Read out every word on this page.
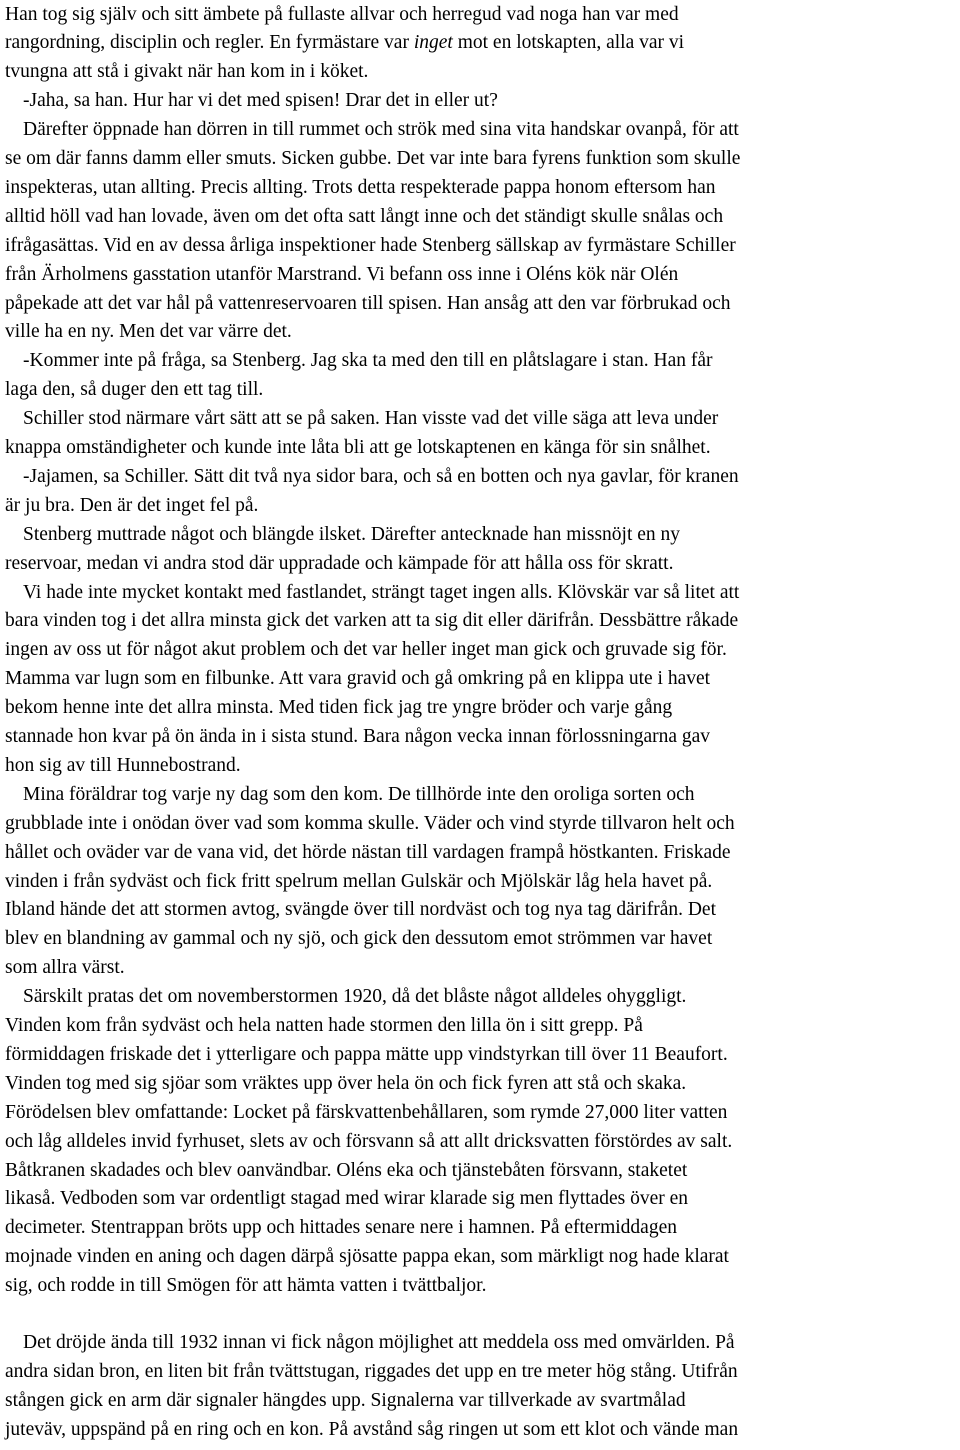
Han tog sig själv och sitt ämbete på fullaste allvar och herregud vad noga han var med
rangordning, disciplin och regler. En fyrmästare var inget mot en lotskapten, alla var vi
tvungna att stå i givakt när han kom in i köket.
-Jaha, sa han. Hur har vi det med spisen! Drar det in eller ut?
Därefter öppnade han dörren in till rummet och strök med sina vita handskar ovanpå, för att
se om där fanns damm eller smuts. Sicken gubbe. Det var inte bara fyrens funktion som skulle
inspekteras, utan allting. Precis allting. Trots detta respekterade pappa honom eftersom han
alltid höll vad han lovade, även om det ofta satt långt inne och det ständigt skulle snålas och
ifrågasättas. Vid en av dessa årliga inspektioner hade Stenberg sällskap av fyrmästare Schiller
från Ärholmens gasstation utanför Marstrand. Vi befann oss inne i Oléns kök när Olén
påpekade att det var hål på vattenreservoaren till spisen. Han ansåg att den var förbrukad och
ville ha en ny. Men det var värre det.
-Kommer inte på fråga, sa Stenberg. Jag ska ta med den till en plåtslagare i stan. Han får
laga den, så duger den ett tag till.
Schiller stod närmare vårt sätt att se på saken. Han visste vad det ville säga att leva under
knappa omständigheter och kunde inte låta bli att ge lotskaptenen en känga för sin snålhet.
-Jajamen, sa Schiller. Sätt dit två nya sidor bara, och så en botten och nya gavlar, för kranen
är ju bra. Den är det inget fel på.
Stenberg muttrade något och blängde ilsket. Därefter antecknade han missnöjt en ny
reservoar, medan vi andra stod där uppradade och kämpade för att hålla oss för skratt.
Vi hade inte mycket kontakt med fastlandet, strängt taget ingen alls. Klövskär var så litet att
bara vinden tog i det allra minsta gick det varken att ta sig dit eller därifrån. Dessbättre råkade
ingen av oss ut för något akut problem och det var heller inget man gick och gruvade sig för.
Mamma var lugn som en filbunke. Att vara gravid och gå omkring på en klippa ute i havet
bekom henne inte det allra minsta. Med tiden fick jag tre yngre bröder och varje gång
stannade hon kvar på ön ända in i sista stund. Bara någon vecka innan förlossningarna gav
hon sig av till Hunnebostrand.
Mina föräldrar tog varje ny dag som den kom. De tillhörde inte den oroliga sorten och
grubblade inte i onödan över vad som komma skulle. Väder och vind styrde tillvaron helt och
hållet och oväder var de vana vid, det hörde nästan till vardagen frampå höstkanten. Friskade
vinden i från sydväst och fick fritt spelrum mellan Gulskär och Mjölskär låg hela havet på.
Ibland hände det att stormen avtog, svängde över till nordväst och tog nya tag därifrån. Det
blev en blandning av gammal och ny sjö, och gick den dessutom emot strömmen var havet
som allra värst.
Särskilt pratas det om novemberstormen 1920, då det blåste något alldeles ohyggligt.
Vinden kom från sydväst och hela natten hade stormen den lilla ön i sitt grepp. På
förmiddagen friskade det i ytterligare och pappa mätte upp vindstyrkan till över 11 Beaufort.
Vinden tog med sig sjöar som vräktes upp över hela ön och fick fyren att stå och skaka.
Förödelsen blev omfattande: Locket på färskvattenbehållaren, som rymde 27,000 liter vatten
och låg alldeles invid fyrhuset, slets av och försvann så att allt dricksvatten förstördes av salt.
Båtkranen skadades och blev oanvändbar. Oléns eka och tjänstebåten försvann, staketet
likaså. Vedboden som var ordentligt stagad med wirar klarade sig men flyttades över en
decimeter. Stentrappan bröts upp och hittades senare nere i hamnen. På eftermiddagen
mojnade vinden en aning och dagen därpå sjösatte pappa ekan, som märkligt nog hade klarat
sig, och rodde in till Smögen för att hämta vatten i tvättbaljor.
Det dröjde ända till 1932 innan vi fick någon möjlighet att meddela oss med omvärlden. På
andra sidan bron, en liten bit från tvättstugan, riggades det upp en tre meter hög stång. Utifrån
stången gick en arm där signaler hängdes upp. Signalerna var tillverkade av svartmålad
juteväv, uppspänd på en ring och en kon. På avstånd såg ringen ut som ett klot och vände man
